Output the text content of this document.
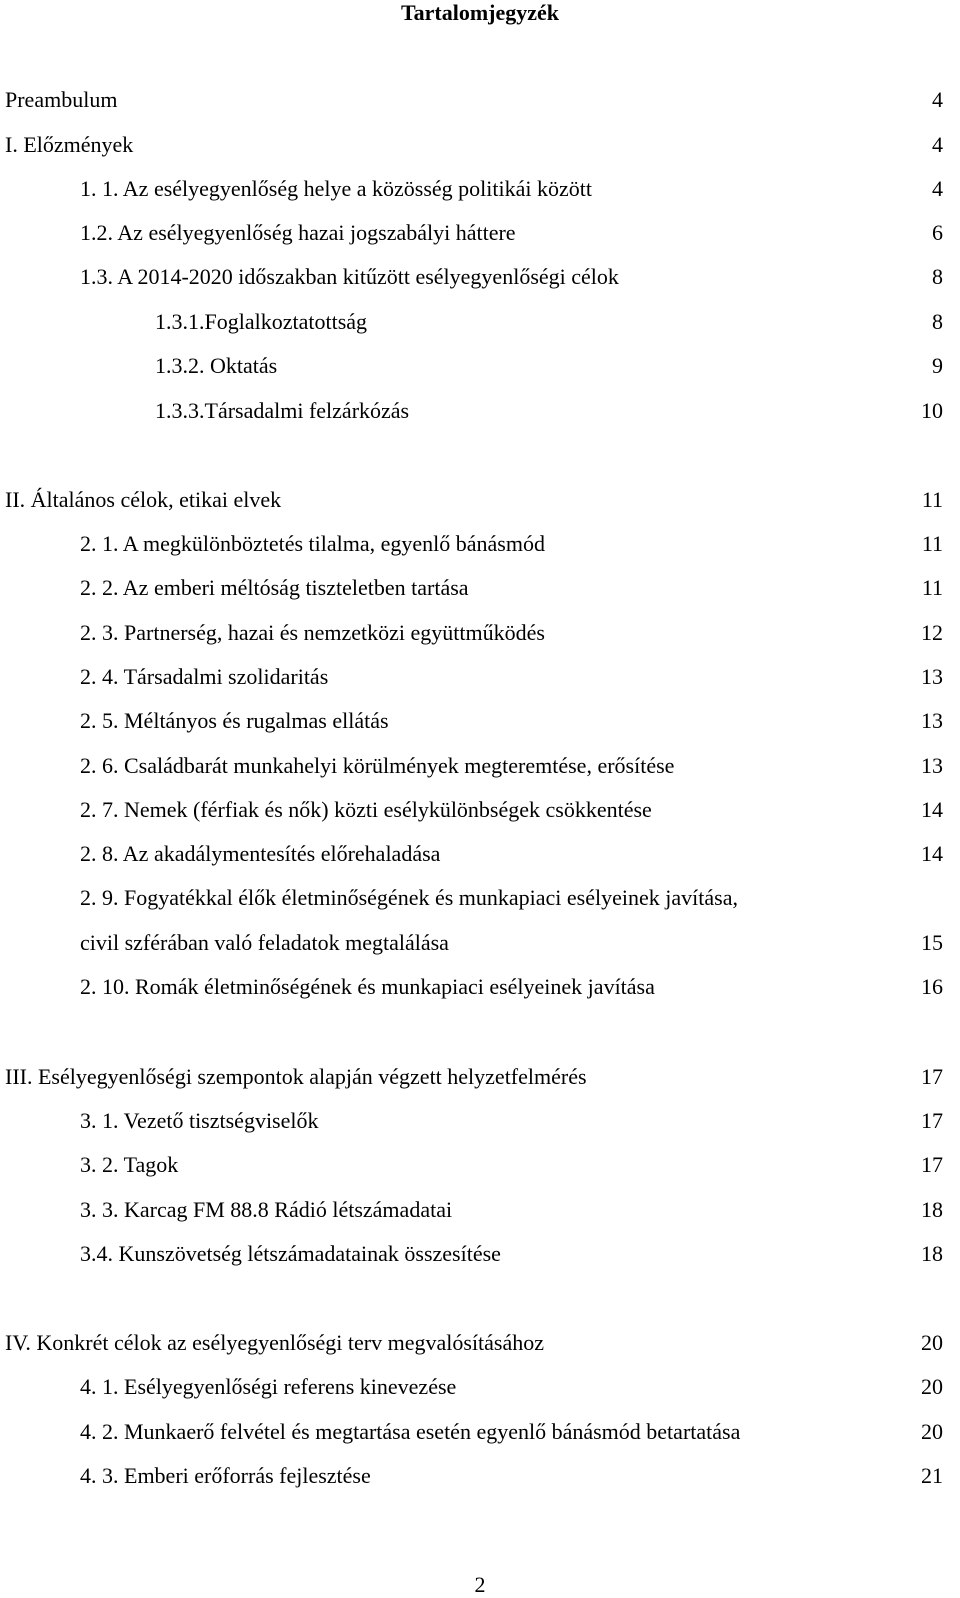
Tartalomjegyzék
Preambulum	4
I. Előzmények	4
1. 1. Az esélyegyenlőség helye a közösség politikái között	4
1.2. Az esélyegyenlőség hazai jogszabályi háttere	6
1.3. A 2014-2020 időszakban kitűzött esélyegyenlőségi célok	8
1.3.1.Foglalkoztatottság	8
1.3.2. Oktatás	9
1.3.3.Társadalmi felzárkózás	10
II. Általános célok, etikai elvek	11
2. 1. A megkülönböztetés tilalma, egyenlő bánásmód	11
2. 2. Az emberi méltóság tiszteletben tartása	11
2. 3. Partnerség, hazai és nemzetközi együttműködés	12
2. 4. Társadalmi szolidaritás	13
2. 5. Méltányos és rugalmas ellátás	13
2. 6. Családbarát munkahelyi körülmények megteremtése, erősítése	13
2. 7. Nemek (férfiak és nők) közti esélykülönbségek csökkentése	14
2. 8. Az akadálymentesítés előrehaladása	14
2. 9. Fogyatékkal élők életminőségének és munkapiaci esélyeinek javítása,
civil szférában való feladatok megtalálása	15
2. 10. Romák életminőségének és munkapiaci esélyeinek javítása	16
III. Esélyegyenlőségi szempontok alapján végzett helyzetfelmérés	17
3. 1. Vezető tisztségviselők	17
3. 2. Tagok	17
3. 3. Karcag FM 88.8 Rádió létszámadatai	18
3.4. Kunszövetség létszámadatainak összesítése	18
IV. Konkrét célok az esélyegyenlőségi terv megvalósításához	20
4. 1. Esélyegyenlőségi referens kinevezése	20
4. 2. Munkaerő felvétel és megtartása esetén egyenlő bánásmód betartatása	20
4. 3. Emberi erőforrás fejlesztése	21
2
